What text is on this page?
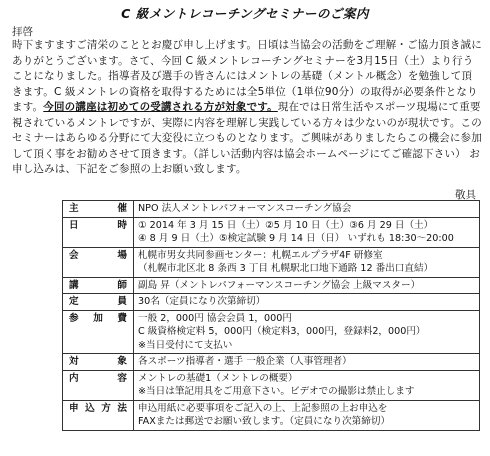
C 級メントレコーチングセミナーのご案内
拝啓
時下ますますご清栄のこととお慶び申し上げます。日頃は当協会の活動をご理解・ご協力頂き誠にありがとうございます。さて、今回 C 級メントレコーチングセミナーを3月15日（土）より行うことになりました。指導者及び選手の皆さんにはメントレの基礎（メントル概念）を勉強して頂きます。C 級メントレの資格を取得するためには全5単位（1単位90分）の取得が必要条件となります。今回の講座は初めての受講される方が対象です。現在では日常生活やスポーツ現場にて重要視されているメントレですが、実際に内容を理解し実践している方々は少ないのが現状です。このセミナーはあらゆる分野にて大変役に立つものとなります。ご興味がありましたらこの機会に参加して頂く事をお勧めさせて頂きます。（詳しい活動内容は協会ホームページにてご確認下さい） お申し込みは、下記をご参照の上お願い致します。
敬具
主催	NPO 法人メントレパフォーマンスコーチング協会

日時	① 2014 年 3 月 15 日（土）②5 月 10 日（土）③6 月 29 日（土）
④ 8 月 9 日（土）⑤検定試験 9 月 14 日（日） いずれも 18:30～20:00

会場	札幌市男女共同参画センター：札幌エルプラザ4F 研修室
（札幌市北区北 8 条西 3 丁目 札幌駅北口地下通路 12 番出口直結）

講師	副島 昇（メントレパフォーマンスコーチング協会 上級マスター）

定員	30名（定員になり次第締切）

参加費	一般 2，000円 協会会員 1，000円
C 級資格検定料 5，000円（検定料3，000円，登録料2，000円）
※当日受付にて支払い

対象	各スポーツ指導者・選手 一般企業（人事管理者）

内容	メントレの基礎1（メントレの概要）
※当日は筆記用具をご用意下さい。ビデオでの撮影は禁止します

申込方法	申込用紙に必要事項をご記入の上、上記参照の上お申込を
FAXまたは郵送でお願い致します。（定員になり次第締切）
